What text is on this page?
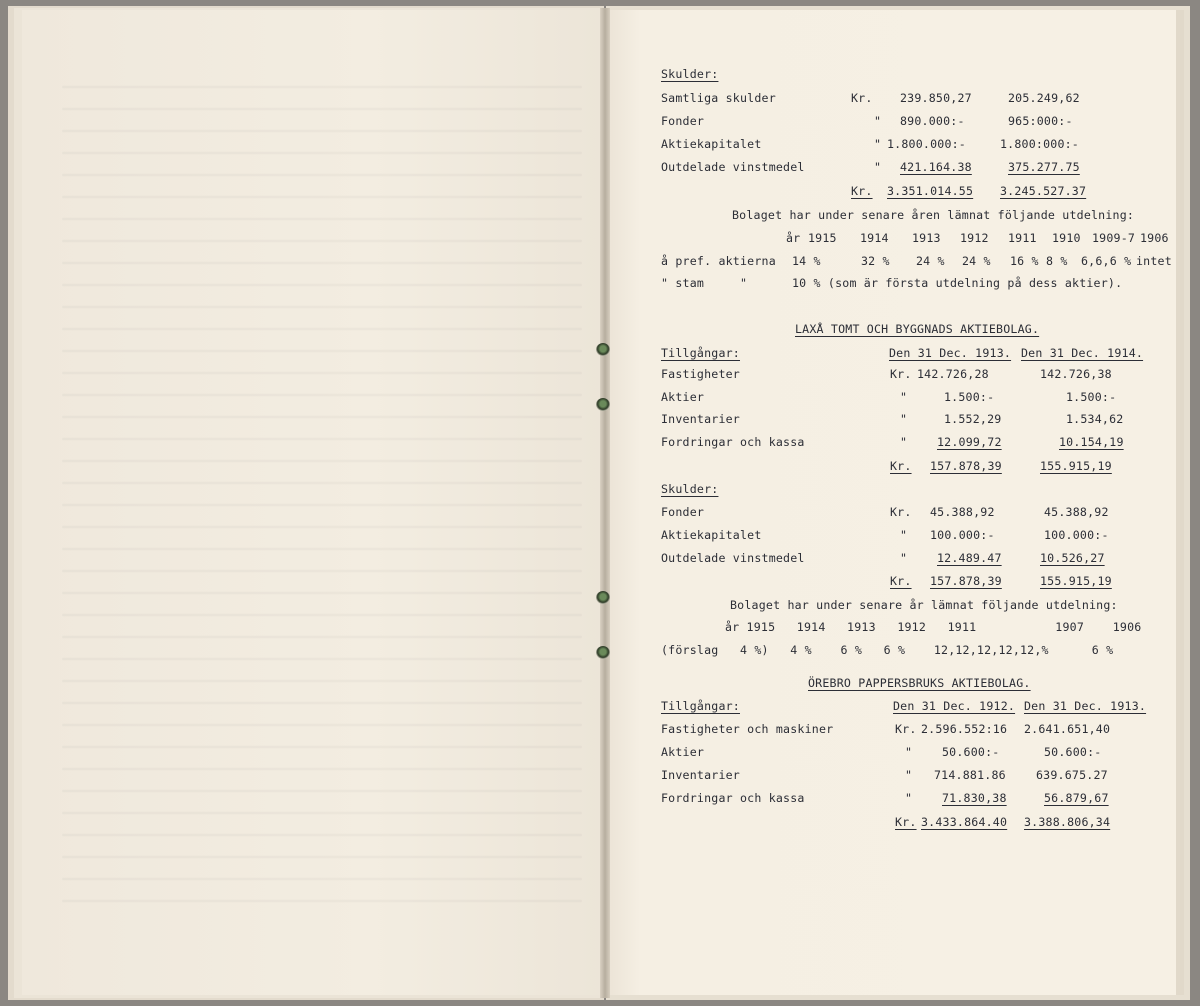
Skulder:
Samtliga skulder	Kr. 239.850,27	205.249,62
Fonder	" 890.000:-	965:000:-
Aktiekapitalet	" 1.800.000:-	1.800:000:-
Outdelade vinstmedel	" 421.164.38	375.277.75
Kr. 3.351.014.55 3.245.527.37
Bolaget har under senare åren lämnat följande utdelning:
år 1915 1914 1913 1912 1911 1910 1909-7 1906
å pref. aktierna 14 %	32 % 24 % 24 % 16 % 8 % 6,6,6 % intet
" stam     "	10 % (som är första utdelning på dess aktier).
LAXÅ TOMT OCH BYGGNADS AKTIEBOLAG.
Tillgångar:	Den 31 Dec. 1913. Den 31 Dec. 1914.
Fastigheter	Kr. 142.726,28	142.726,38
Aktier	"	1.500:-	1.500:-
Inventarier	"	1.552,29	1.534,62
Fordringar och kassa	"	12.099,72	10.154,19
Kr. 157.878,39	155.915,19
Skulder:
Fonder	Kr. 45.388,92	45.388,92
Aktiekapitalet	" 100.000:-	100.000:-
Outdelade vinstmedel	"	12.489.47	10.526,27
Kr. 157.878,39	155.915,19
Bolaget har under senare år lämnat följande utdelning:
år 1915   1914   1913   1912   1911           1907    1906
(förslag   4 %)   4 %    6 %   6 %    12,12,12,12,12,%      6 %
ÖREBRO PAPPERSBRUKS AKTIEBOLAG.
Tillgångar:	Den 31 Dec. 1912. Den 31 Dec. 1913.
Fastigheter och maskiner	Kr. 2.596.552:16 2.641.651,40
Aktier	"	50.600:-	50.600:-
Inventarier	" 714.881.86	639.675.27
Fordringar och kassa	"	71.830,38	56.879,67
Kr. 3.433.864.40 3.388.806,34
